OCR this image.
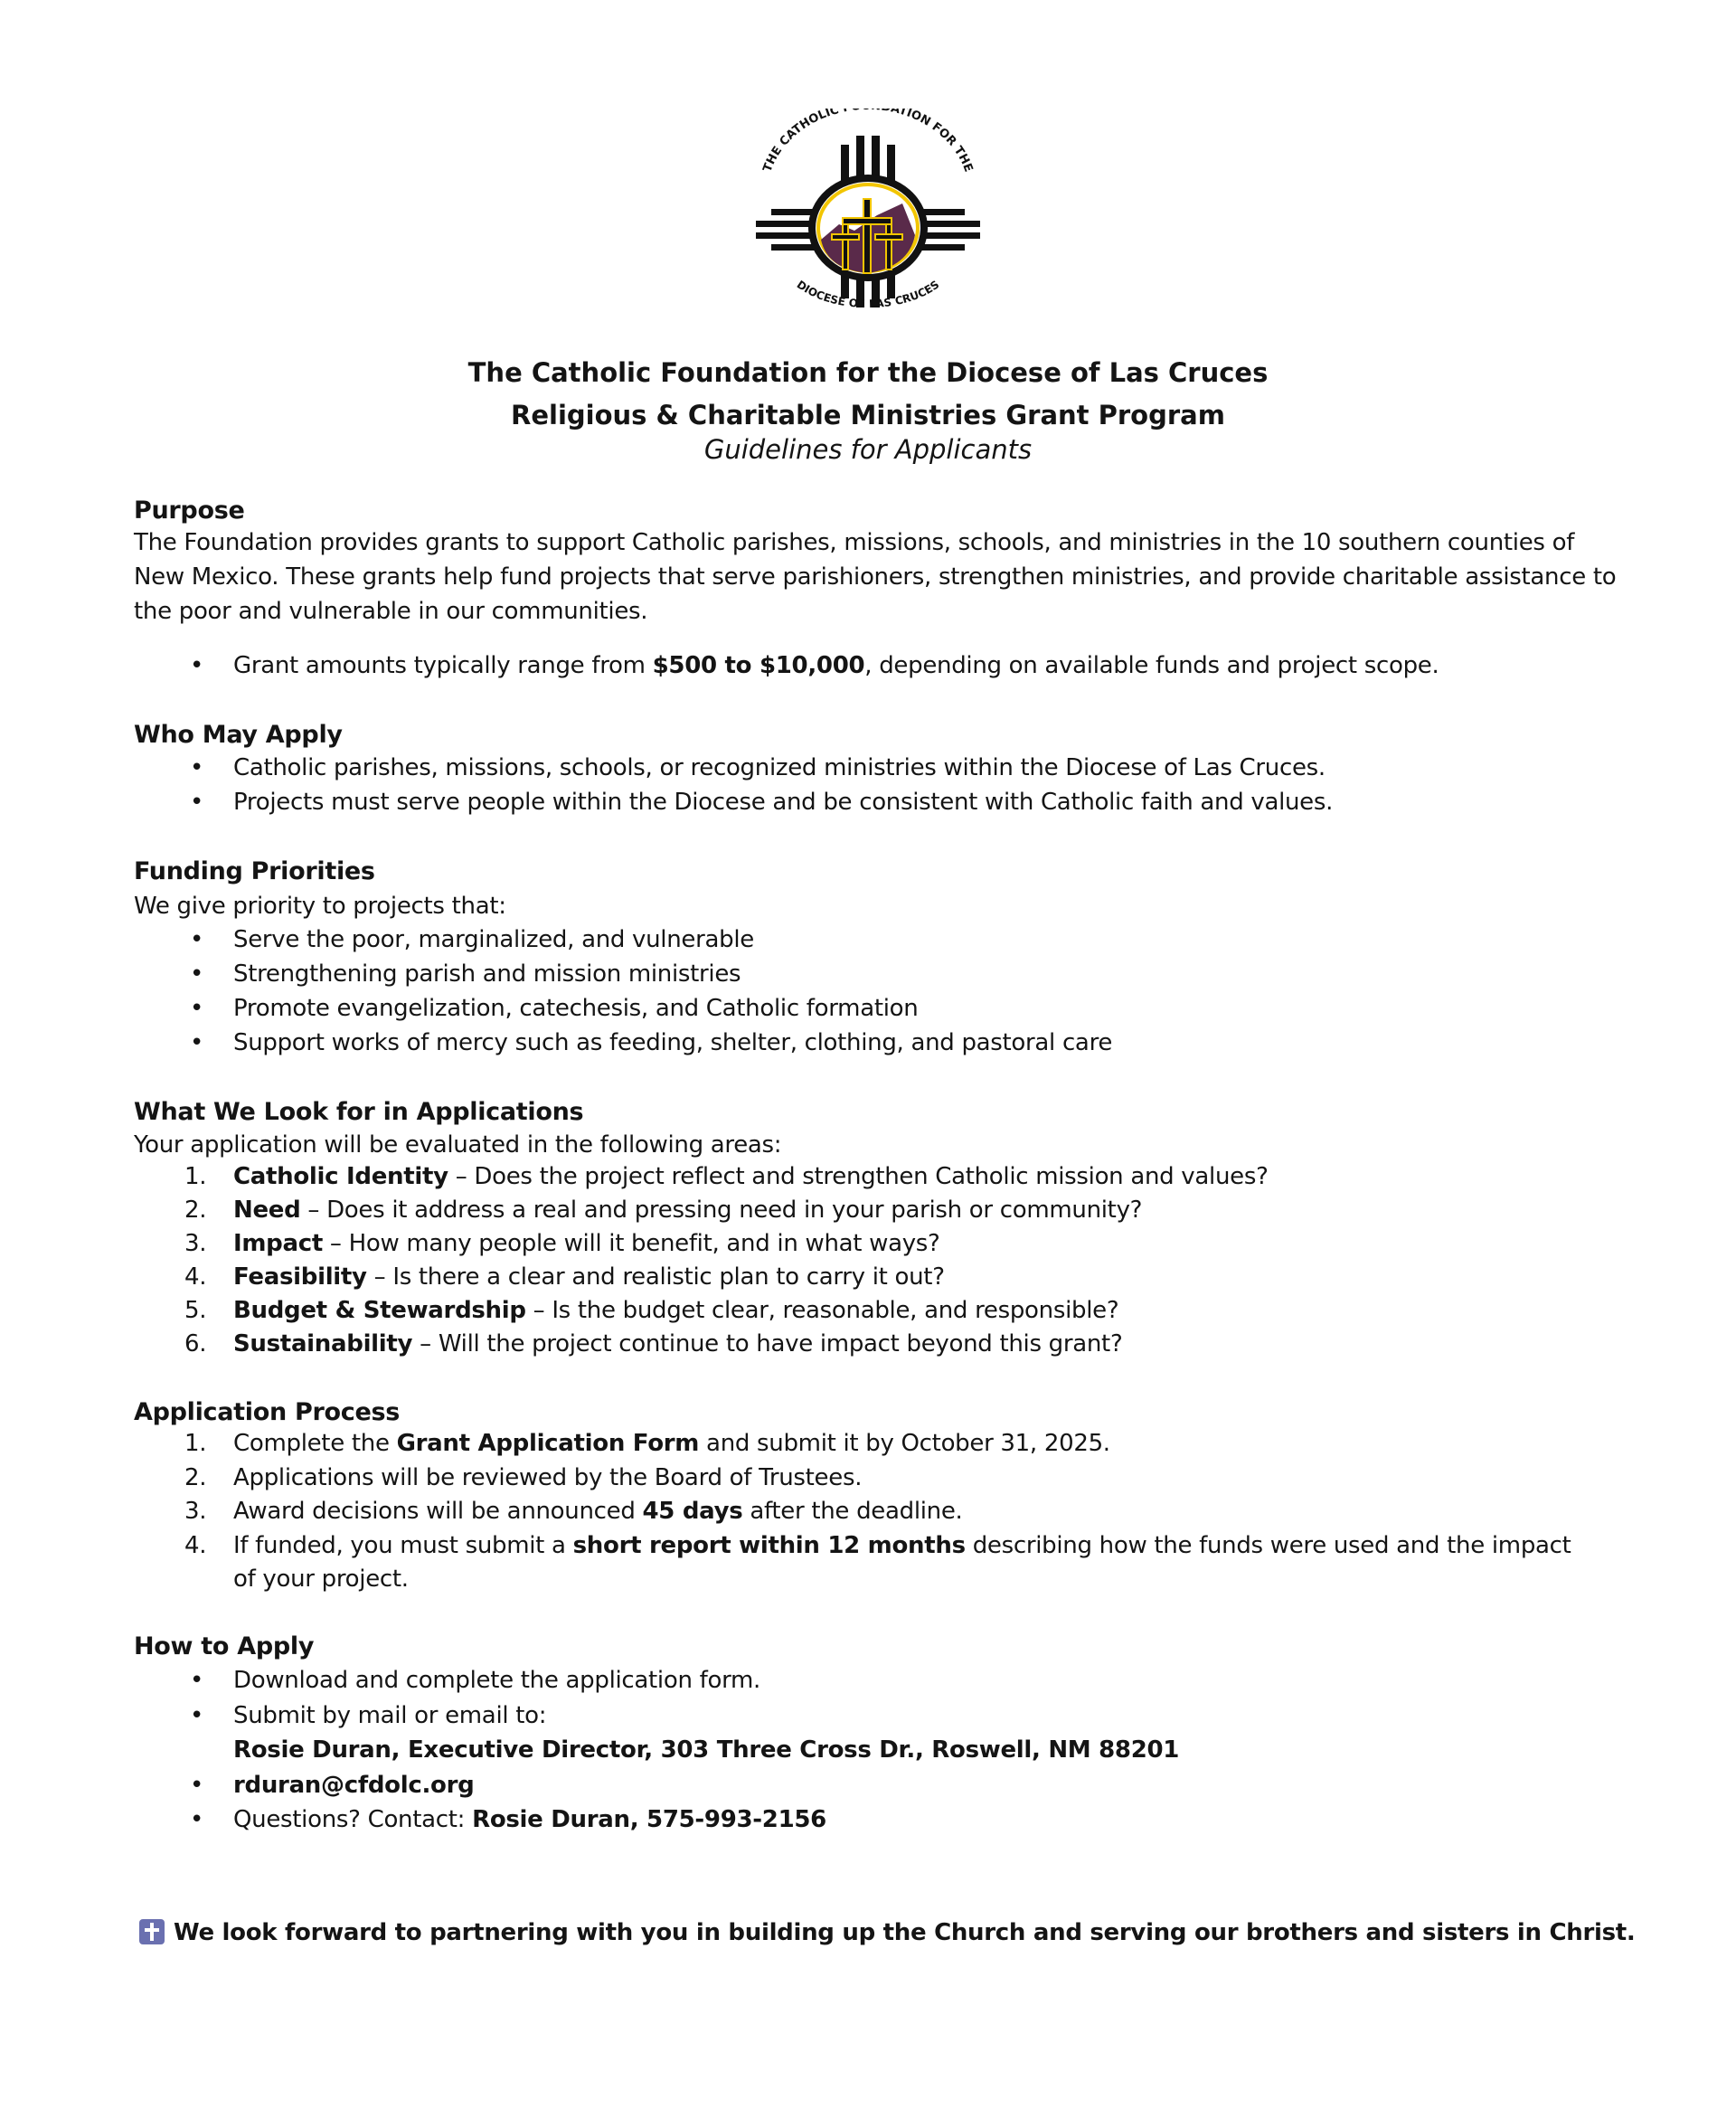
THE CATHOLIC ATION FOR THE
DIOCESE OF LAS CRUCES
The Catholic Foundation for the Diocese of Las Cruces
Religious & Charitable Ministries Grant Program
Guidelines for Applicants
Purpose
The Foundation provides grants to support Catholic parishes, missions, schools, and ministries in the 10 southern counties of New Mexico. These grants help fund projects that serve parishioners, strengthen ministries, and provide charitable assistance to the poor and vulnerable in our communities.
• Grant amounts typically range from $500 to $10,000, depending on available funds and project scope.
Who May Apply
• Catholic parishes, missions, schools, or recognized ministries within the Diocese of Las Cruces.
• Projects must serve people within the Diocese and be consistent with Catholic faith and values.
Funding Priorities
We give priority to projects that:
• Serve the poor, marginalized, and vulnerable
• Strengthening parish and mission ministries
• Promote evangelization, catechesis, and Catholic formation
• Support works of mercy such as feeding, shelter, clothing, and pastoral care
What We Look for in Applications
Your application will be evaluated in the following areas:
1. Catholic Identity – Does the project reflect and strengthen Catholic mission and values?
2. Need – Does it address a real and pressing need in your parish or community?
3. Impact – How many people will it benefit, and in what ways?
4. Feasibility – Is there a clear and realistic plan to carry it out?
5. Budget & Stewardship – Is the budget clear, reasonable, and responsible?
6. Sustainability – Will the project continue to have impact beyond this grant?
Application Process
1. Complete the Grant Application Form and submit it by October 31, 2025.
2. Applications will be reviewed by the Board of Trustees.
3. Award decisions will be announced 45 days after the deadline.
4. If funded, you must submit a short report within 12 months describing how the funds were used and the impact of your project.
How to Apply
• Download and complete the application form.
• Submit by mail or email to:
Rosie Duran, Executive Director, 303 Three Cross Dr., Roswell, NM 88201
• rduran@cfdolc.org
• Questions? Contact: Rosie Duran, 575-993-2156
We look forward to partnering with you in building up the Church and serving our brothers and sisters in Christ.
